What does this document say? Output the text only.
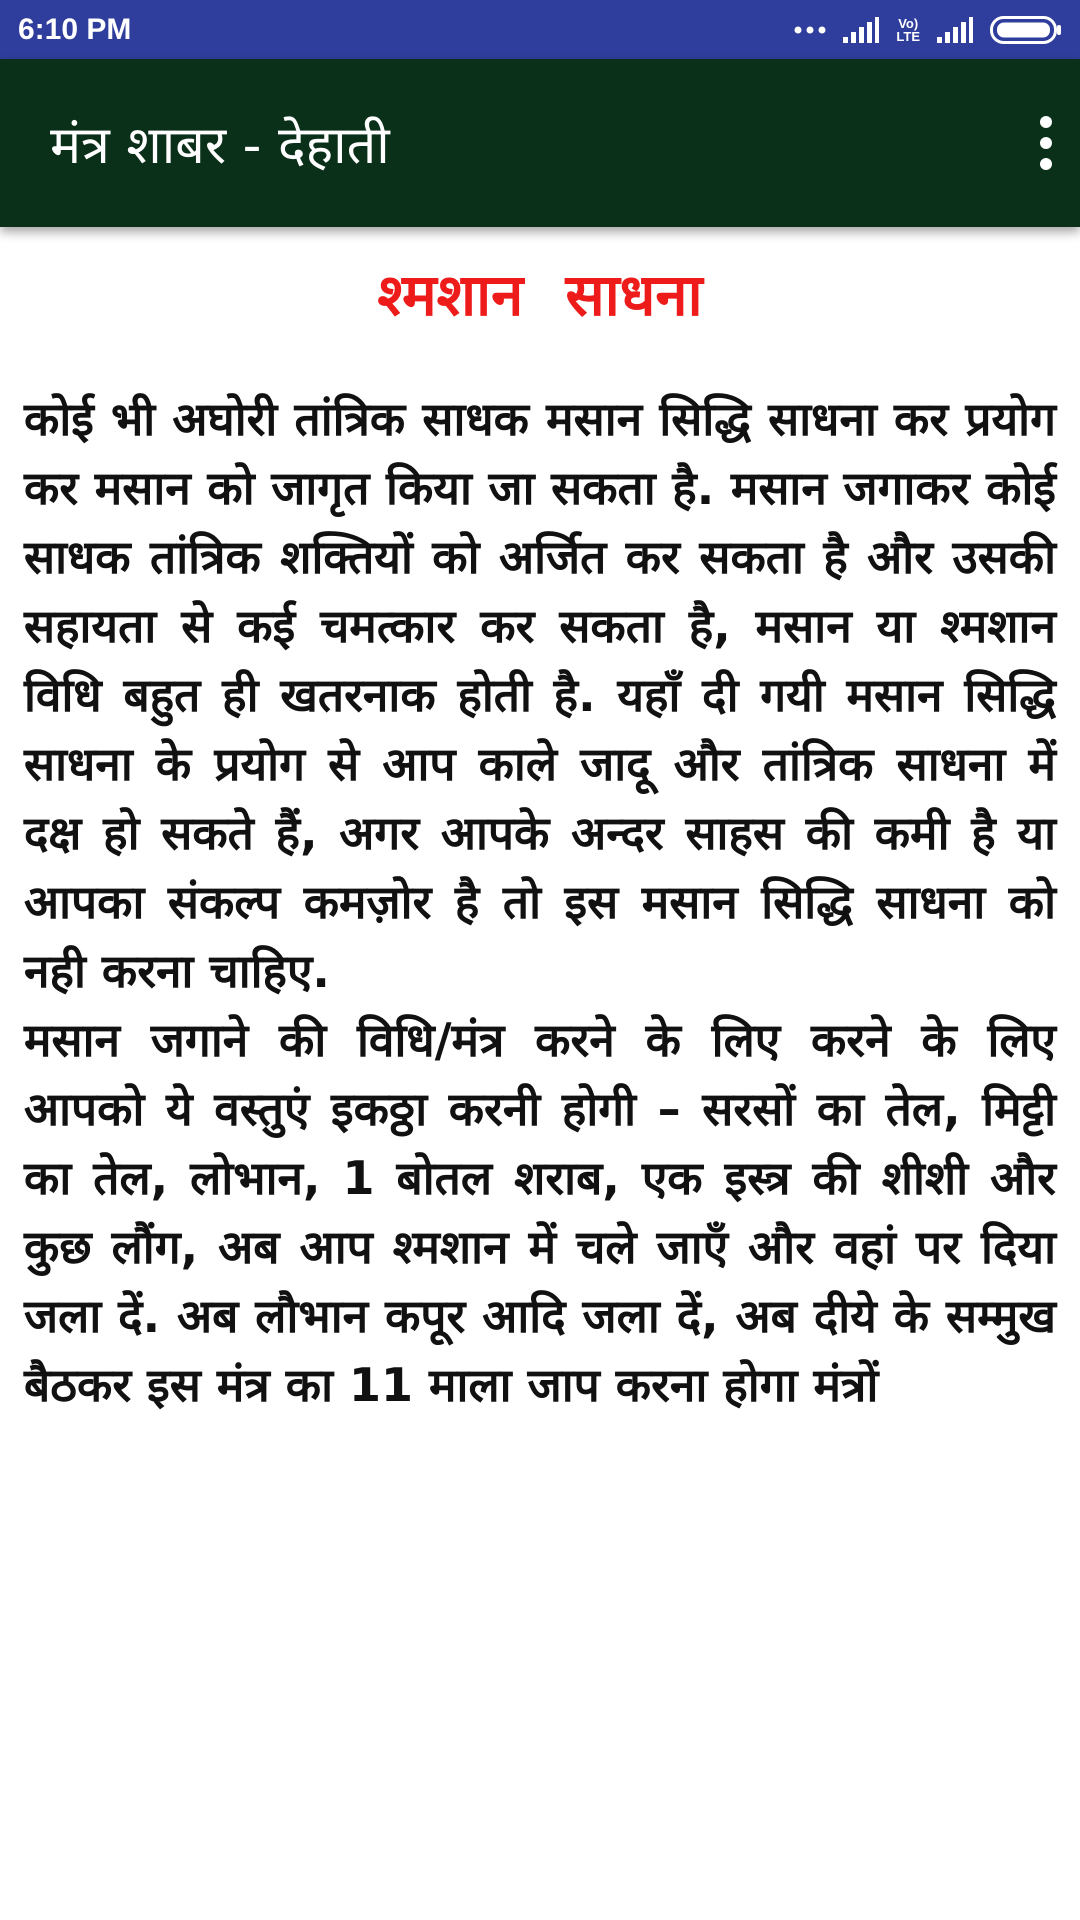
6:10 PM	Vo)
LTE
मंत्र शाबर - देहाती
श्मशान साधना

कोई भी अघोरी तांत्रिक साधक मसान सिद्धि साधना कर प्रयोग कर मसान को जागृत किया जा सकता है. मसान जगाकर कोई साधक तांत्रिक शक्तियों को अर्जित कर सकता है और उसकी सहायता से कई चमत्कार कर सकता है, मसान या श्मशान विधि बहुत ही खतरनाक होती है. यहाँ दी गयी मसान सिद्धि साधना के प्रयोग से आप काले जादू और तांत्रिक साधना में दक्ष हो सकते हैं, अगर आपके अन्दर साहस की कमी है या आपका संकल्प कमज़ोर है तो इस मसान सिद्धि साधना को नही करना चाहिए.

मसान जगाने की विधि/मंत्र करने के लिए करने के लिए आपको ये वस्तुएं इकठ्ठा करनी होगी – सरसों का तेल, मिट्टी का तेल, लोभान, 1 बोतल शराब, एक इस्त्र की शीशी और कुछ लौंग, अब आप श्मशान में चले जाएँ और वहां पर दिया जला दें. अब लौभान कपूर आदि जला दें, अब दीये के सम्मुख बैठकर इस मंत्र का 11 माला जाप करना होगा मंत्रों
